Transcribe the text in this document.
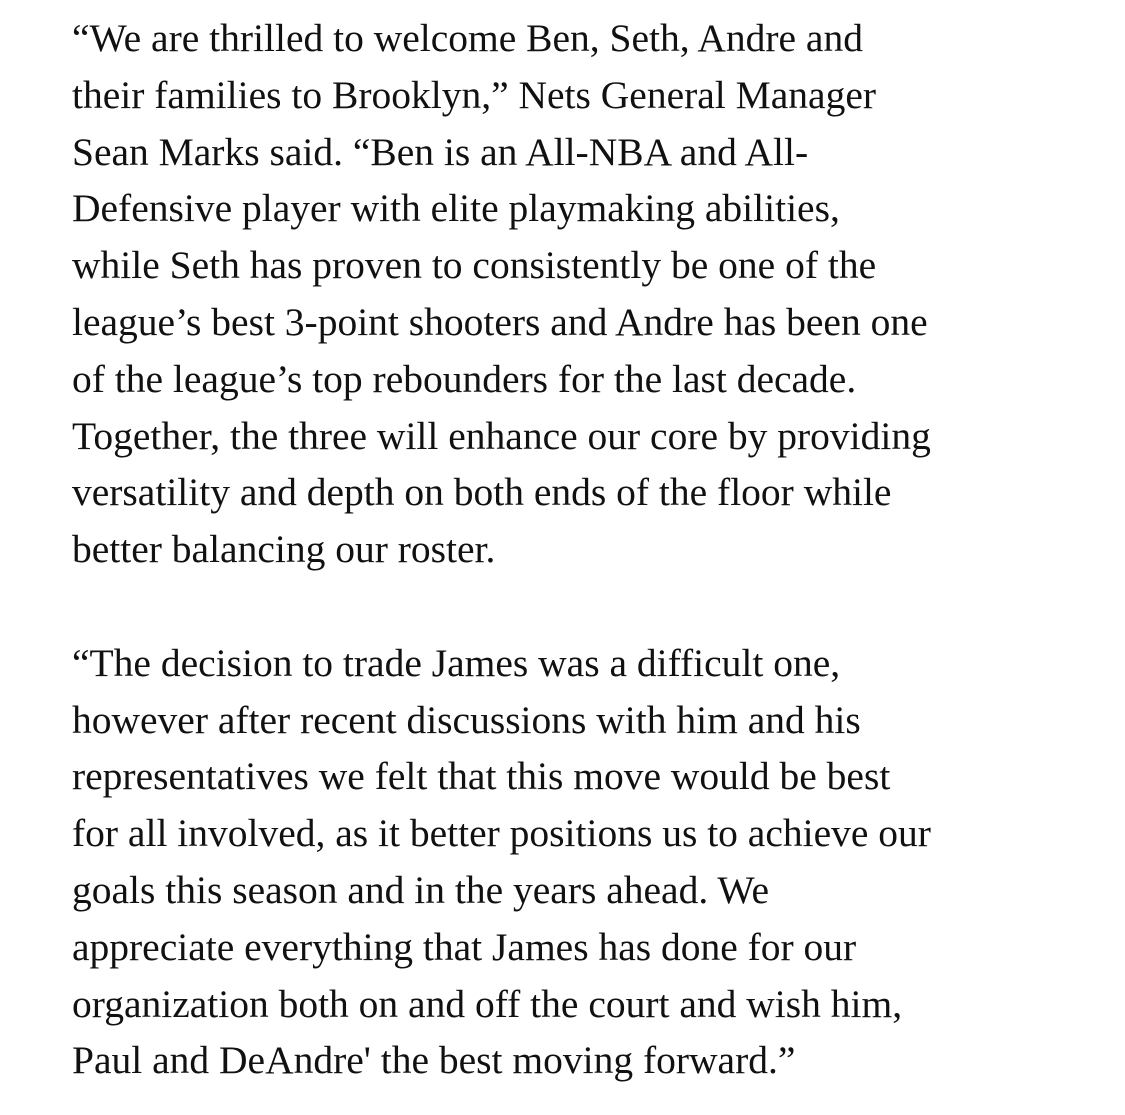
“We are thrilled to welcome Ben, Seth, Andre and
their families to Brooklyn,” Nets General Manager
Sean Marks said. “Ben is an All-NBA and All-
Defensive player with elite playmaking abilities,
while Seth has proven to consistently be one of the
league’s best 3-point shooters and Andre has been one
of the league’s top rebounders for the last decade.
Together, the three will enhance our core by providing
versatility and depth on both ends of the floor while
better balancing our roster.
“The decision to trade James was a difficult one,
however after recent discussions with him and his
representatives we felt that this move would be best
for all involved, as it better positions us to achieve our
goals this season and in the years ahead. We
appreciate everything that James has done for our
organization both on and off the court and wish him,
Paul and DeAndre' the best moving forward.”
